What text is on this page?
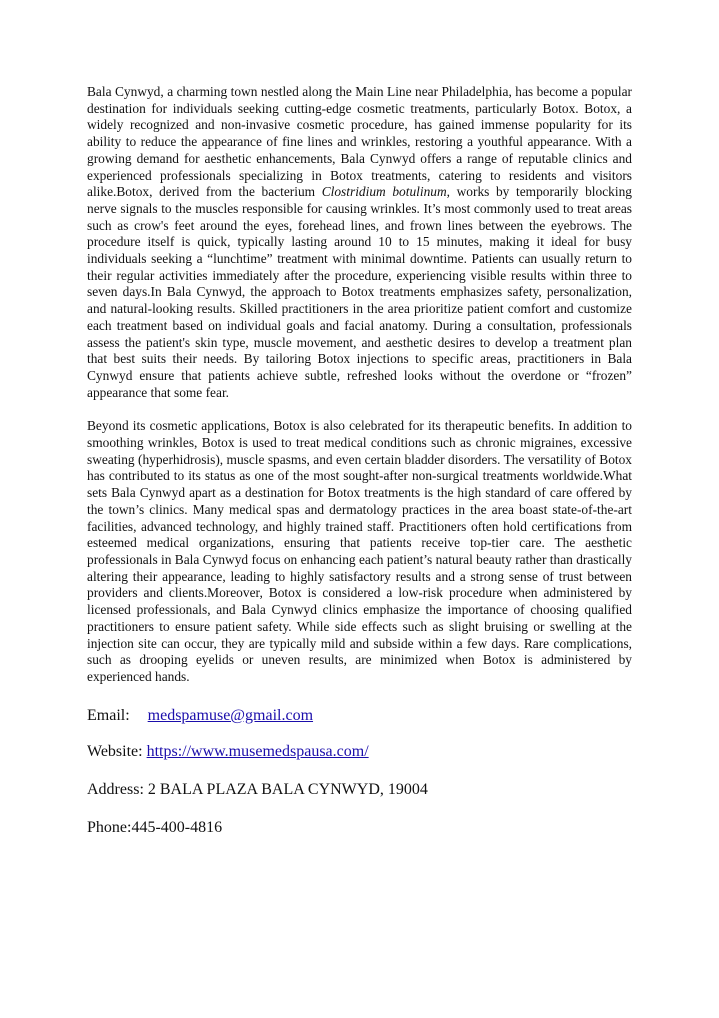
Bala Cynwyd, a charming town nestled along the Main Line near Philadelphia, has become a popular destination for individuals seeking cutting-edge cosmetic treatments, particularly Botox. Botox, a widely recognized and non-invasive cosmetic procedure, has gained immense popularity for its ability to reduce the appearance of fine lines and wrinkles, restoring a youthful appearance. With a growing demand for aesthetic enhancements, Bala Cynwyd offers a range of reputable clinics and experienced professionals specializing in Botox treatments, catering to residents and visitors alike.Botox, derived from the bacterium Clostridium botulinum, works by temporarily blocking nerve signals to the muscles responsible for causing wrinkles. It’s most commonly used to treat areas such as crow's feet around the eyes, forehead lines, and frown lines between the eyebrows. The procedure itself is quick, typically lasting around 10 to 15 minutes, making it ideal for busy individuals seeking a “lunchtime” treatment with minimal downtime. Patients can usually return to their regular activities immediately after the procedure, experiencing visible results within three to seven days.In Bala Cynwyd, the approach to Botox treatments emphasizes safety, personalization, and natural-looking results. Skilled practitioners in the area prioritize patient comfort and customize each treatment based on individual goals and facial anatomy. During a consultation, professionals assess the patient's skin type, muscle movement, and aesthetic desires to develop a treatment plan that best suits their needs. By tailoring Botox injections to specific areas, practitioners in Bala Cynwyd ensure that patients achieve subtle, refreshed looks without the overdone or “frozen” appearance that some fear.

Beyond its cosmetic applications, Botox is also celebrated for its therapeutic benefits. In addition to smoothing wrinkles, Botox is used to treat medical conditions such as chronic migraines, excessive sweating (hyperhidrosis), muscle spasms, and even certain bladder disorders. The versatility of Botox has contributed to its status as one of the most sought-after non-surgical treatments worldwide.What sets Bala Cynwyd apart as a destination for Botox treatments is the high standard of care offered by the town’s clinics. Many medical spas and dermatology practices in the area boast state-of-the-art facilities, advanced technology, and highly trained staff. Practitioners often hold certifications from esteemed medical organizations, ensuring that patients receive top-tier care. The aesthetic professionals in Bala Cynwyd focus on enhancing each patient’s natural beauty rather than drastically altering their appearance, leading to highly satisfactory results and a strong sense of trust between providers and clients.Moreover, Botox is considered a low-risk procedure when administered by licensed professionals, and Bala Cynwyd clinics emphasize the importance of choosing qualified practitioners to ensure patient safety. While side effects such as slight bruising or swelling at the injection site can occur, they are typically mild and subside within a few days. Rare complications, such as drooping eyelids or uneven results, are minimized when Botox is administered by experienced hands.

Email: medspamuse@gmail.com

Website: https://www.musemedspausa.com/

Address: 2 BALA PLAZA BALA CYNWYD, 19004

Phone:445-400-4816
